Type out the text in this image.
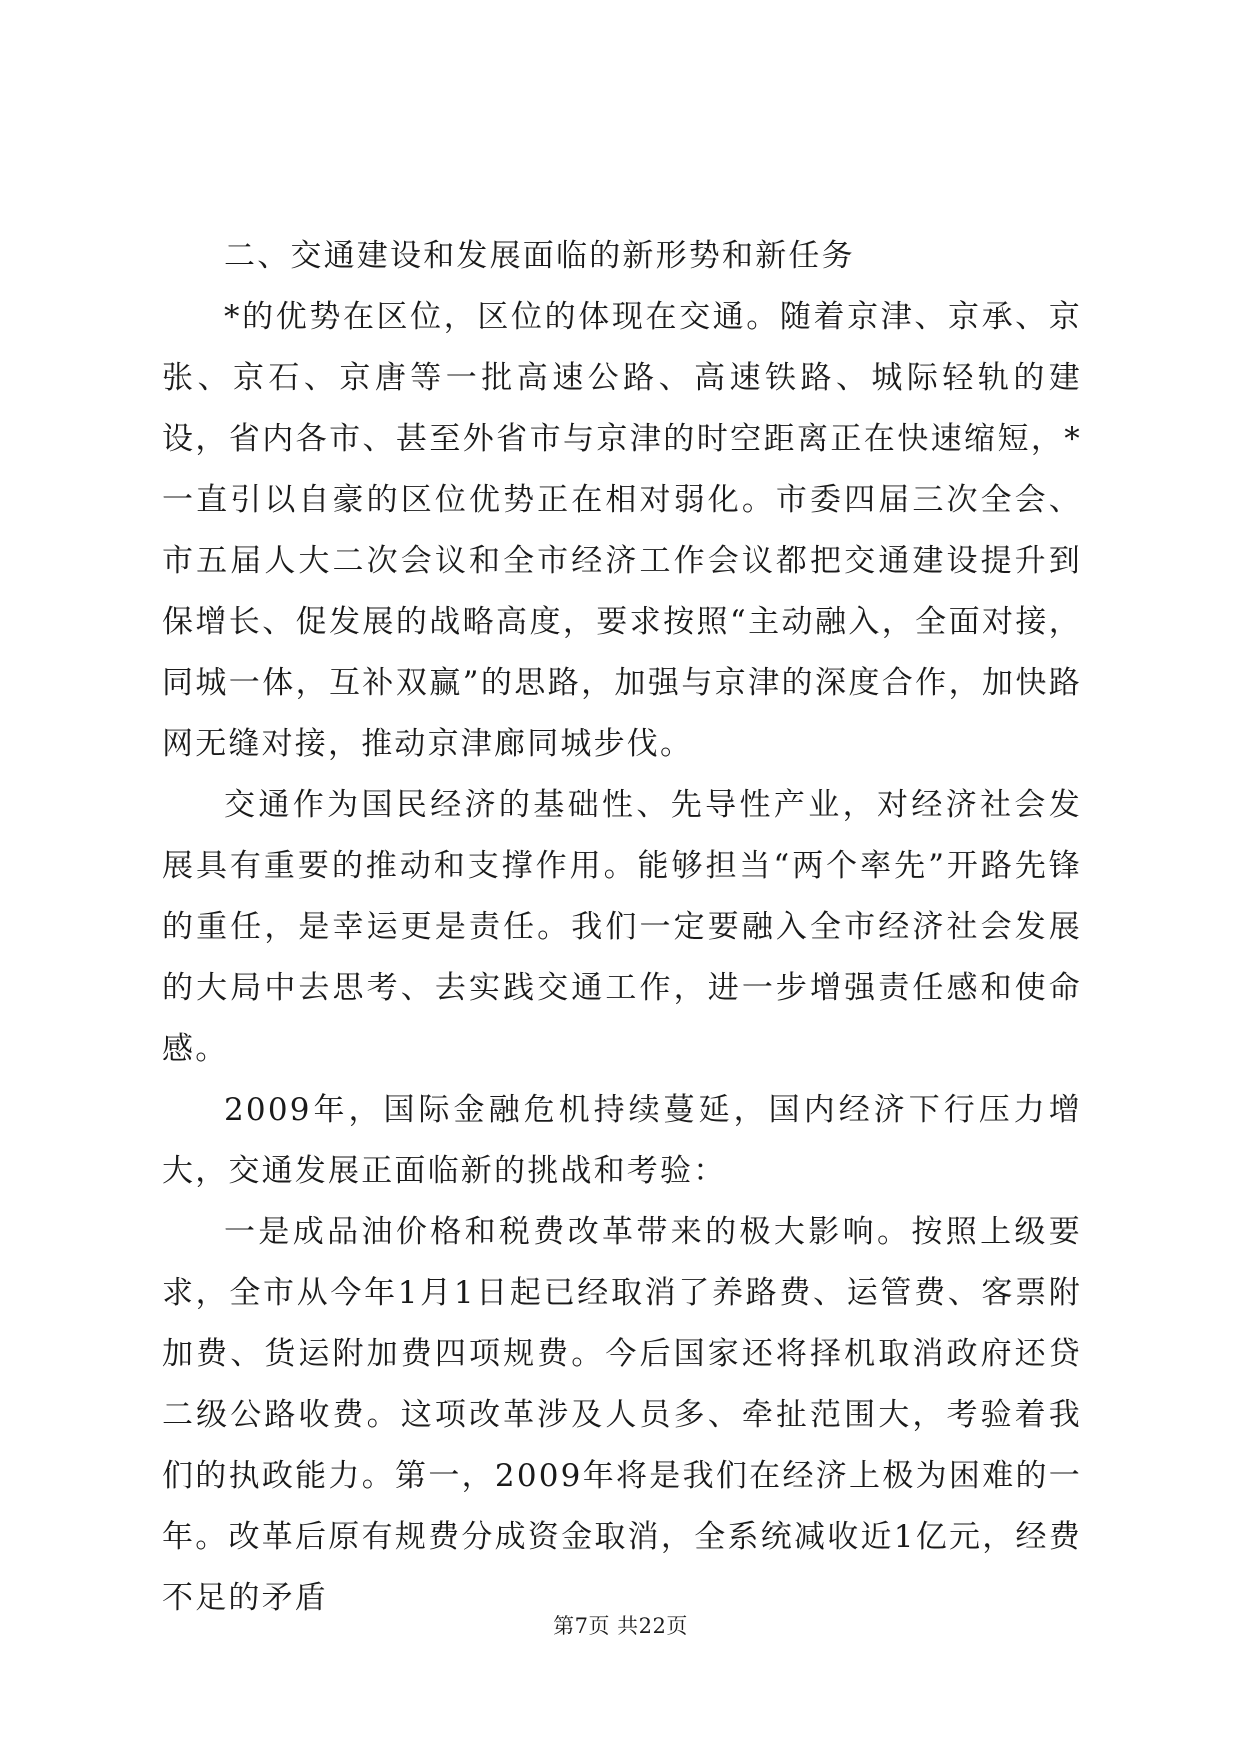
二、交通建设和发展面临的新形势和新任务

*的优势在区位，区位的体现在交通。随着京津、京承、京张、京石、京唐等一批高速公路、高速铁路、城际轻轨的建设，省内各市、甚至外省市与京津的时空距离正在快速缩短，*一直引以自豪的区位优势正在相对弱化。市委四届三次全会、市五届人大二次会议和全市经济工作会议都把交通建设提升到保增长、促发展的战略高度，要求按照“主动融入，全面对接，同城一体，互补双赢”的思路，加强与京津的深度合作，加快路网无缝对接，推动京津廊同城步伐。

交通作为国民经济的基础性、先导性产业，对经济社会发展具有重要的推动和支撑作用。能够担当“两个率先”开路先锋的重任，是幸运更是责任。我们一定要融入全市经济社会发展的大局中去思考、去实践交通工作，进一步增强责任感和使命感。

2009年，国际金融危机持续蔓延，国内经济下行压力增大，交通发展正面临新的挑战和考验：

一是成品油价格和税费改革带来的极大影响。按照上级要求，全市从今年1月1日起已经取消了养路费、运管费、客票附加费、货运附加费四项规费。今后国家还将择机取消政府还贷二级公路收费。这项改革涉及人员多、牵扯范围大，考验着我们的执政能力。第一，2009年将是我们在经济上极为困难的一年。改革后原有规费分成资金取消，全系统减收近1亿元，经费不足的矛盾

第7页 共22页
